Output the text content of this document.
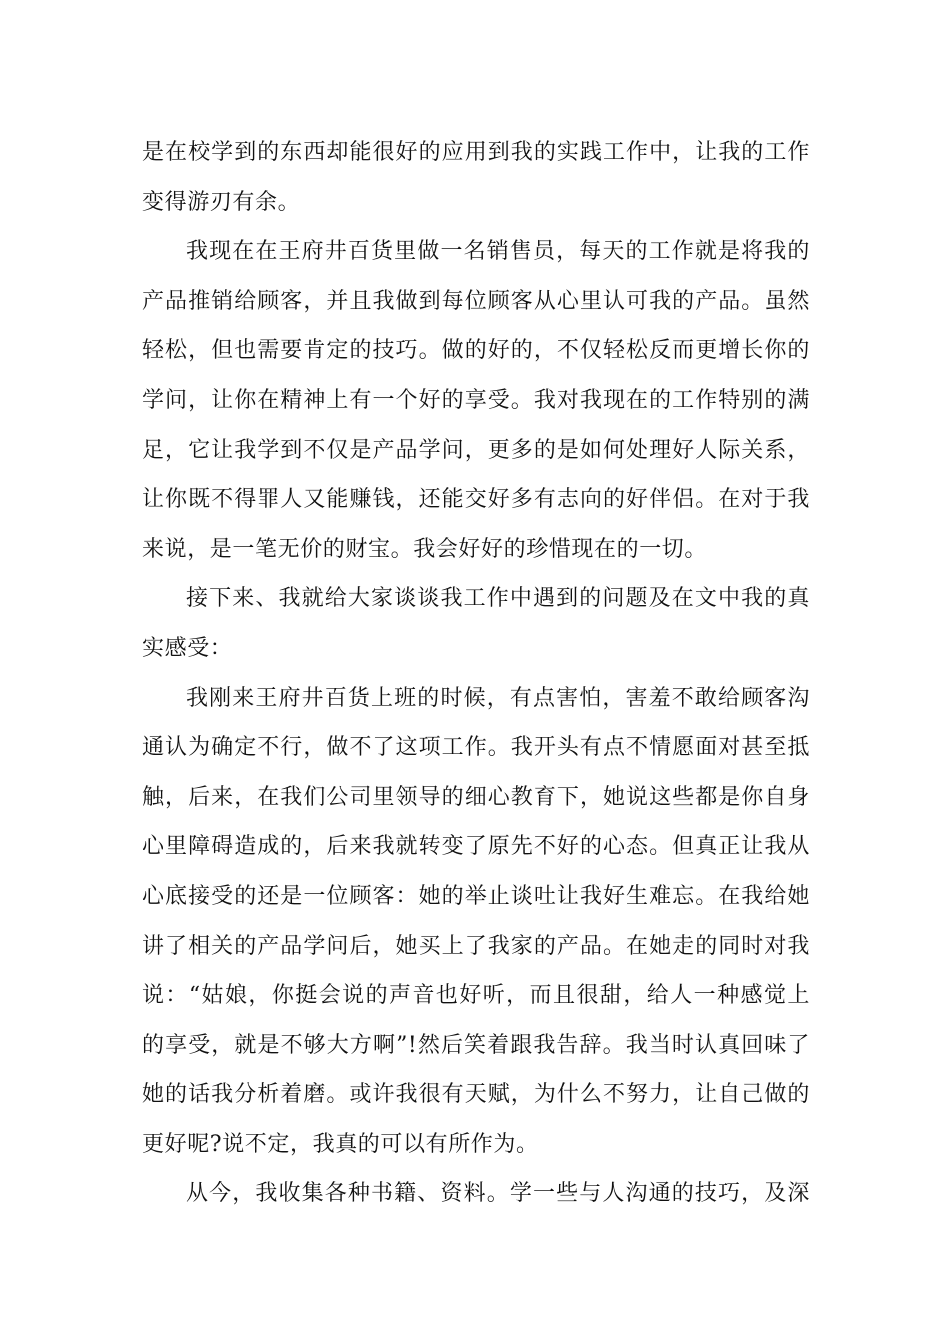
是在校学到的东西却能很好的应用到我的实践工作中，让我的工作
变得游刃有余。
我现在在王府井百货里做一名销售员，每天的工作就是将我的
产品推销给顾客，并且我做到每位顾客从心里认可我的产品。虽然
轻松，但也需要肯定的技巧。做的好的，不仅轻松反而更增长你的
学问，让你在精神上有一个好的享受。我对我现在的工作特别的满
足，它让我学到不仅是产品学问，更多的是如何处理好人际关系，
让你既不得罪人又能赚钱，还能交好多有志向的好伴侣。在对于我
来说，是一笔无价的财宝。我会好好的珍惜现在的一切。
接下来、我就给大家谈谈我工作中遇到的问题及在文中我的真
实感受：
我刚来王府井百货上班的时候，有点害怕，害羞不敢给顾客沟
通认为确定不行，做不了这项工作。我开头有点不情愿面对甚至抵
触，后来，在我们公司里领导的细心教育下，她说这些都是你自身
心里障碍造成的，后来我就转变了原先不好的心态。但真正让我从
心底接受的还是一位顾客：她的举止谈吐让我好生难忘。在我给她
讲了相关的产品学问后，她买上了我家的产品。在她走的同时对我
说：“姑娘，你挺会说的声音也好听，而且很甜，给人一种感觉上
的享受，就是不够大方啊”!然后笑着跟我告辞。我当时认真回味了
她的话我分析着磨。或许我很有天赋，为什么不努力，让自己做的
更好呢?说不定，我真的可以有所作为。
从今，我收集各种书籍、资料。学一些与人沟通的技巧，及深
